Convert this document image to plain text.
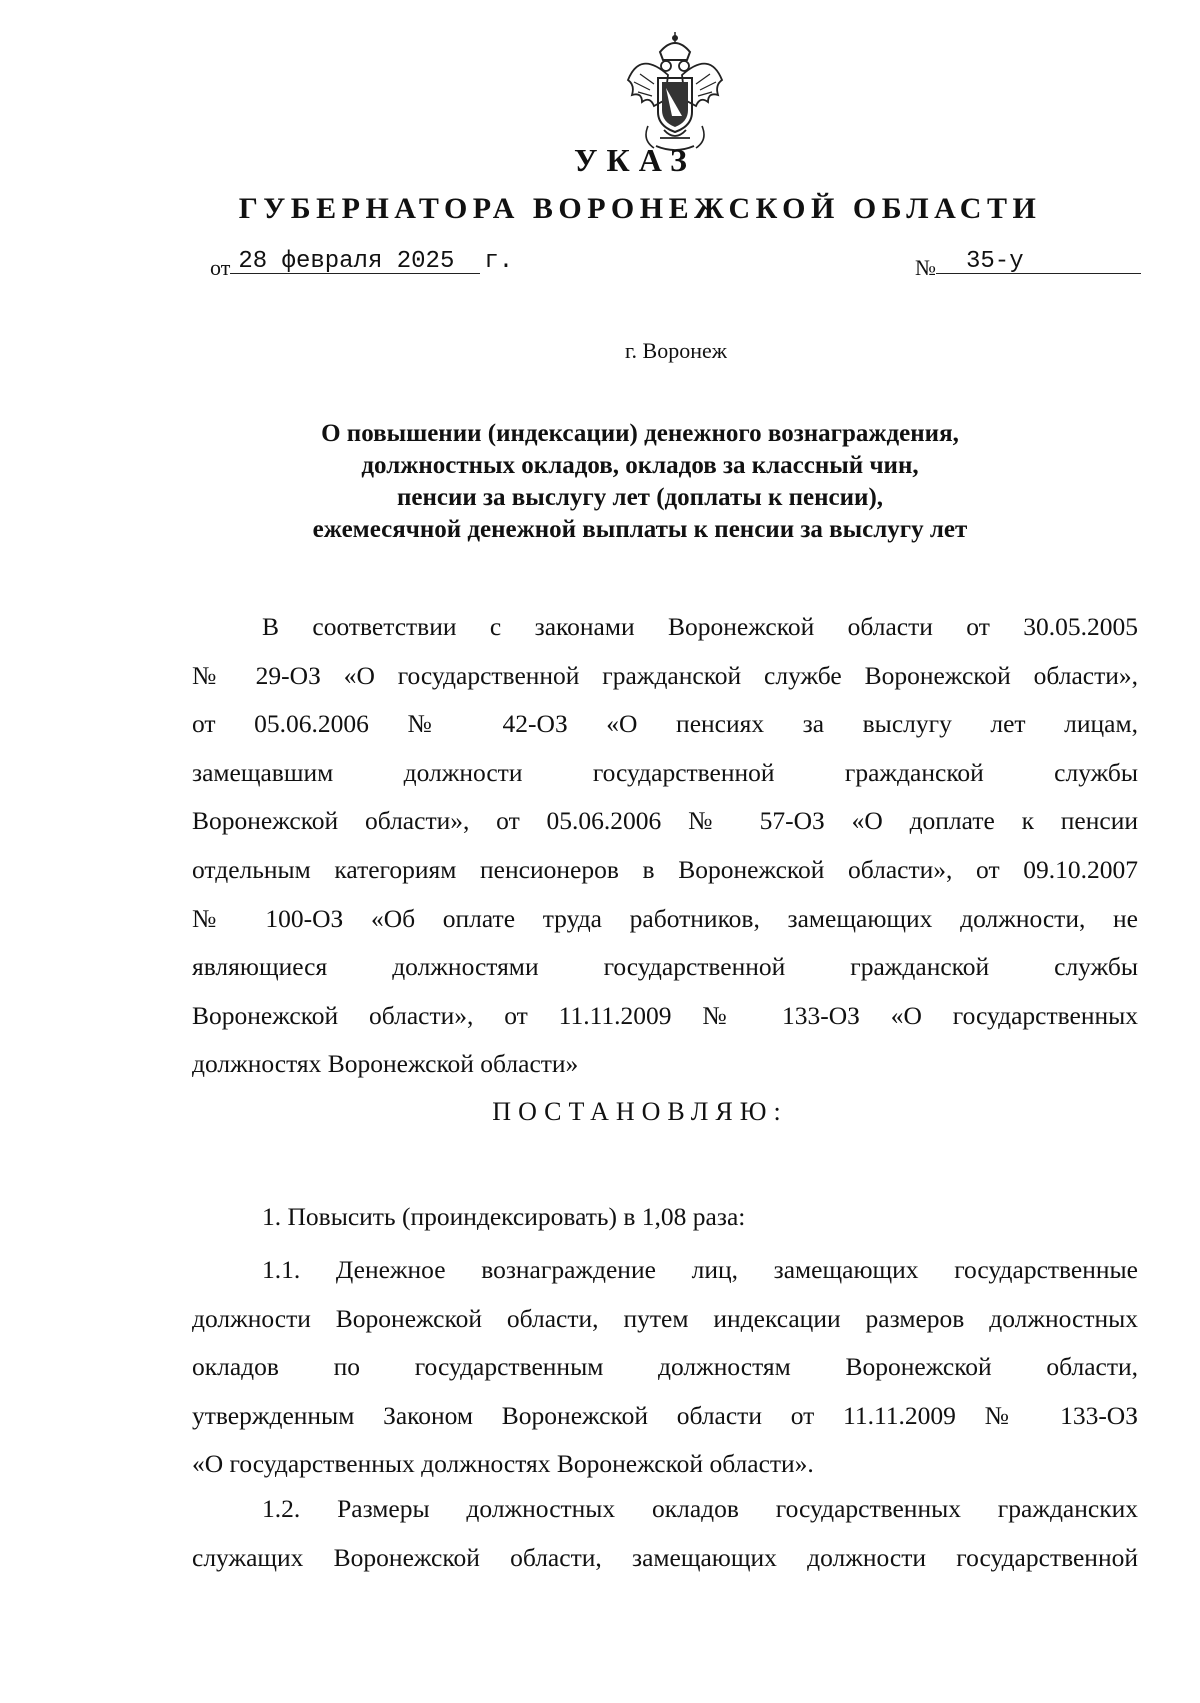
УКАЗ
ГУБЕРНАТОРА ВОРОНЕЖСКОЙ ОБЛАСТИ
от 28 февраля 2025 г.	№ 35-у
г. Воронеж
О повышении (индексации) денежного вознаграждения,
должностных окладов, окладов за классный чин,
пенсии за выслугу лет (доплаты к пенсии),
ежемесячной денежной выплаты к пенсии за выслугу лет
В соответствии с законами Воронежской области от 30.05.2005
№ 29-ОЗ «О государственной гражданской службе Воронежской области»,
от 05.06.2006 № 42-ОЗ «О пенсиях за выслугу лет лицам,
замещавшим должности государственной гражданской службы
Воронежской области», от 05.06.2006 № 57-ОЗ «О доплате к пенсии
отдельным категориям пенсионеров в Воронежской области», от 09.10.2007
№ 100-ОЗ «Об оплате труда работников, замещающих должности, не
являющиеся должностями государственной гражданской службы
Воронежской области», от 11.11.2009 № 133-ОЗ «О государственных
должностях Воронежской области»
ПОСТАНОВЛЯЮ:
1. Повысить (проиндексировать) в 1,08 раза:
1.1. Денежное вознаграждение лиц, замещающих государственные
должности Воронежской области, путем индексации размеров должностных
окладов по государственным должностям Воронежской области,
утвержденным Законом Воронежской области от 11.11.2009 № 133-ОЗ
«О государственных должностях Воронежской области».
1.2. Размеры должностных окладов государственных гражданских
служащих Воронежской области, замещающих должности государственной
